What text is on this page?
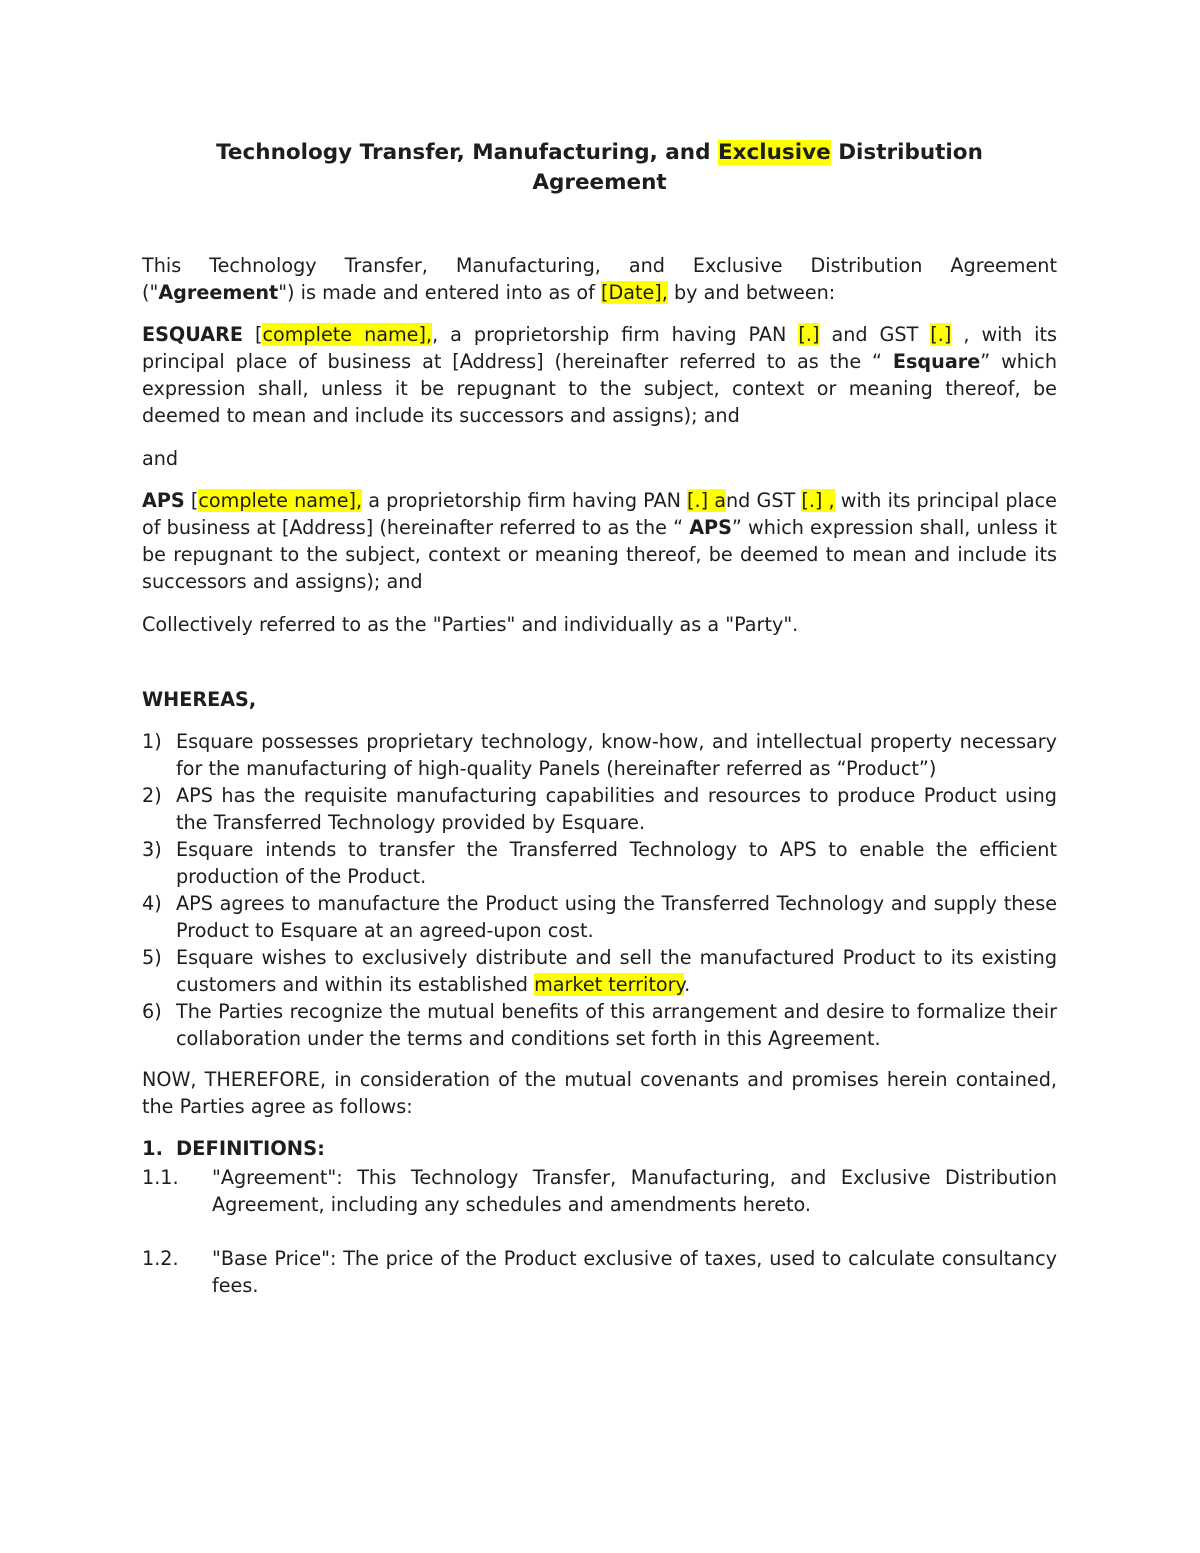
Technology Transfer, Manufacturing, and Exclusive Distribution
Agreement

This Technology Transfer, Manufacturing, and Exclusive Distribution Agreement ("Agreement") is made and entered into as of [Date], by and between:

ESQUARE [complete name],, a proprietorship firm having PAN [.] and GST [.] , with its principal place of business at [Address] (hereinafter referred to as the “ Esquare” which expression shall, unless it be repugnant to the subject, context or meaning thereof, be deemed to mean and include its successors and assigns); and

and

APS [complete name], a proprietorship firm having PAN [.] and GST [.] , with its principal place of business at [Address] (hereinafter referred to as the “ APS” which expression shall, unless it be repugnant to the subject, context or meaning thereof, be deemed to mean and include its successors and assigns); and

Collectively referred to as the "Parties" and individually as a "Party".

WHEREAS,

1) Esquare possesses proprietary technology, know-how, and intellectual property necessary for the manufacturing of high-quality Panels (hereinafter referred as “Product”)
2) APS has the requisite manufacturing capabilities and resources to produce Product using the Transferred Technology provided by Esquare.
3) Esquare intends to transfer the Transferred Technology to APS to enable the efficient production of the Product.
4) APS agrees to manufacture the Product using the Transferred Technology and supply these Product to Esquare at an agreed-upon cost.
5) Esquare wishes to exclusively distribute and sell the manufactured Product to its existing customers and within its established market territory.
6) The Parties recognize the mutual benefits of this arrangement and desire to formalize their collaboration under the terms and conditions set forth in this Agreement.

NOW, THEREFORE, in consideration of the mutual covenants and promises herein contained, the Parties agree as follows:

1. DEFINITIONS:
1.1. "Agreement": This Technology Transfer, Manufacturing, and Exclusive Distribution Agreement, including any schedules and amendments hereto.
1.2. "Base Price": The price of the Product exclusive of taxes, used to calculate consultancy fees.
